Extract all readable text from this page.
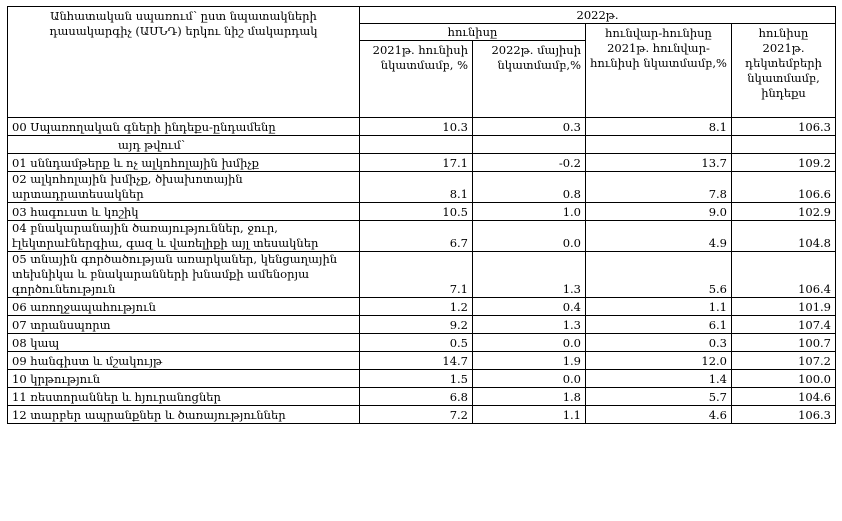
Անհատական սպառում՝ ըստ նպատակների դասակարգիչ (ԱՍՆԴ) երկու նիշ մակարդակ	2022թ.			
	հունիսը		հունվար-հունիսը 2021թ. հունվար-հունիսի նկատմամբ,%	հունիսը 2021թ. դեկտեմբերի նկատմամբ, ինդեքս
	2021թ. հունիսի նկատմամբ, %	2022թ. մայիսի նկատմամբ,%		
00 Սպառողական գների ինդեքս-ընդամենը	10.3	0.3	8.1	106.3
այդ թվում՝				
01 սննդամթերք և ոչ ալկոհոլային խմիչք	17.1	-0.2	13.7	109.2
02 ալկոհոլային խմիչք, ծխախոտային արտադրատեսակներ	8.1	0.8	7.8	106.6
03 հագուստ և կոշիկ	10.5	1.0	9.0	102.9
04 բնակարանային ծառայություններ, ջուր, էլեկտրաէներգիա, գազ և վառելիքի այլ տեսակներ	6.7	0.0	4.9	104.8
05 տնային գործածության առարկաներ, կենցաղային տեխնիկա և բնակարանների խնամքի ամենօրյա գործունեություն	7.1	1.3	5.6	106.4
06 առողջապահություն	1.2	0.4	1.1	101.9
07 տրանսպորտ	9.2	1.3	6.1	107.4
08 կապ	0.5	0.0	0.3	100.7
09 հանգիստ և մշակույթ	14.7	1.9	12.0	107.2
10 կրթություն	1.5	0.0	1.4	100.0
11 ռեստորաններ և հյուրանոցներ	6.8	1.8	5.7	104.6
12 տարբեր ապրանքներ և ծառայություններ	7.2	1.1	4.6	106.3
